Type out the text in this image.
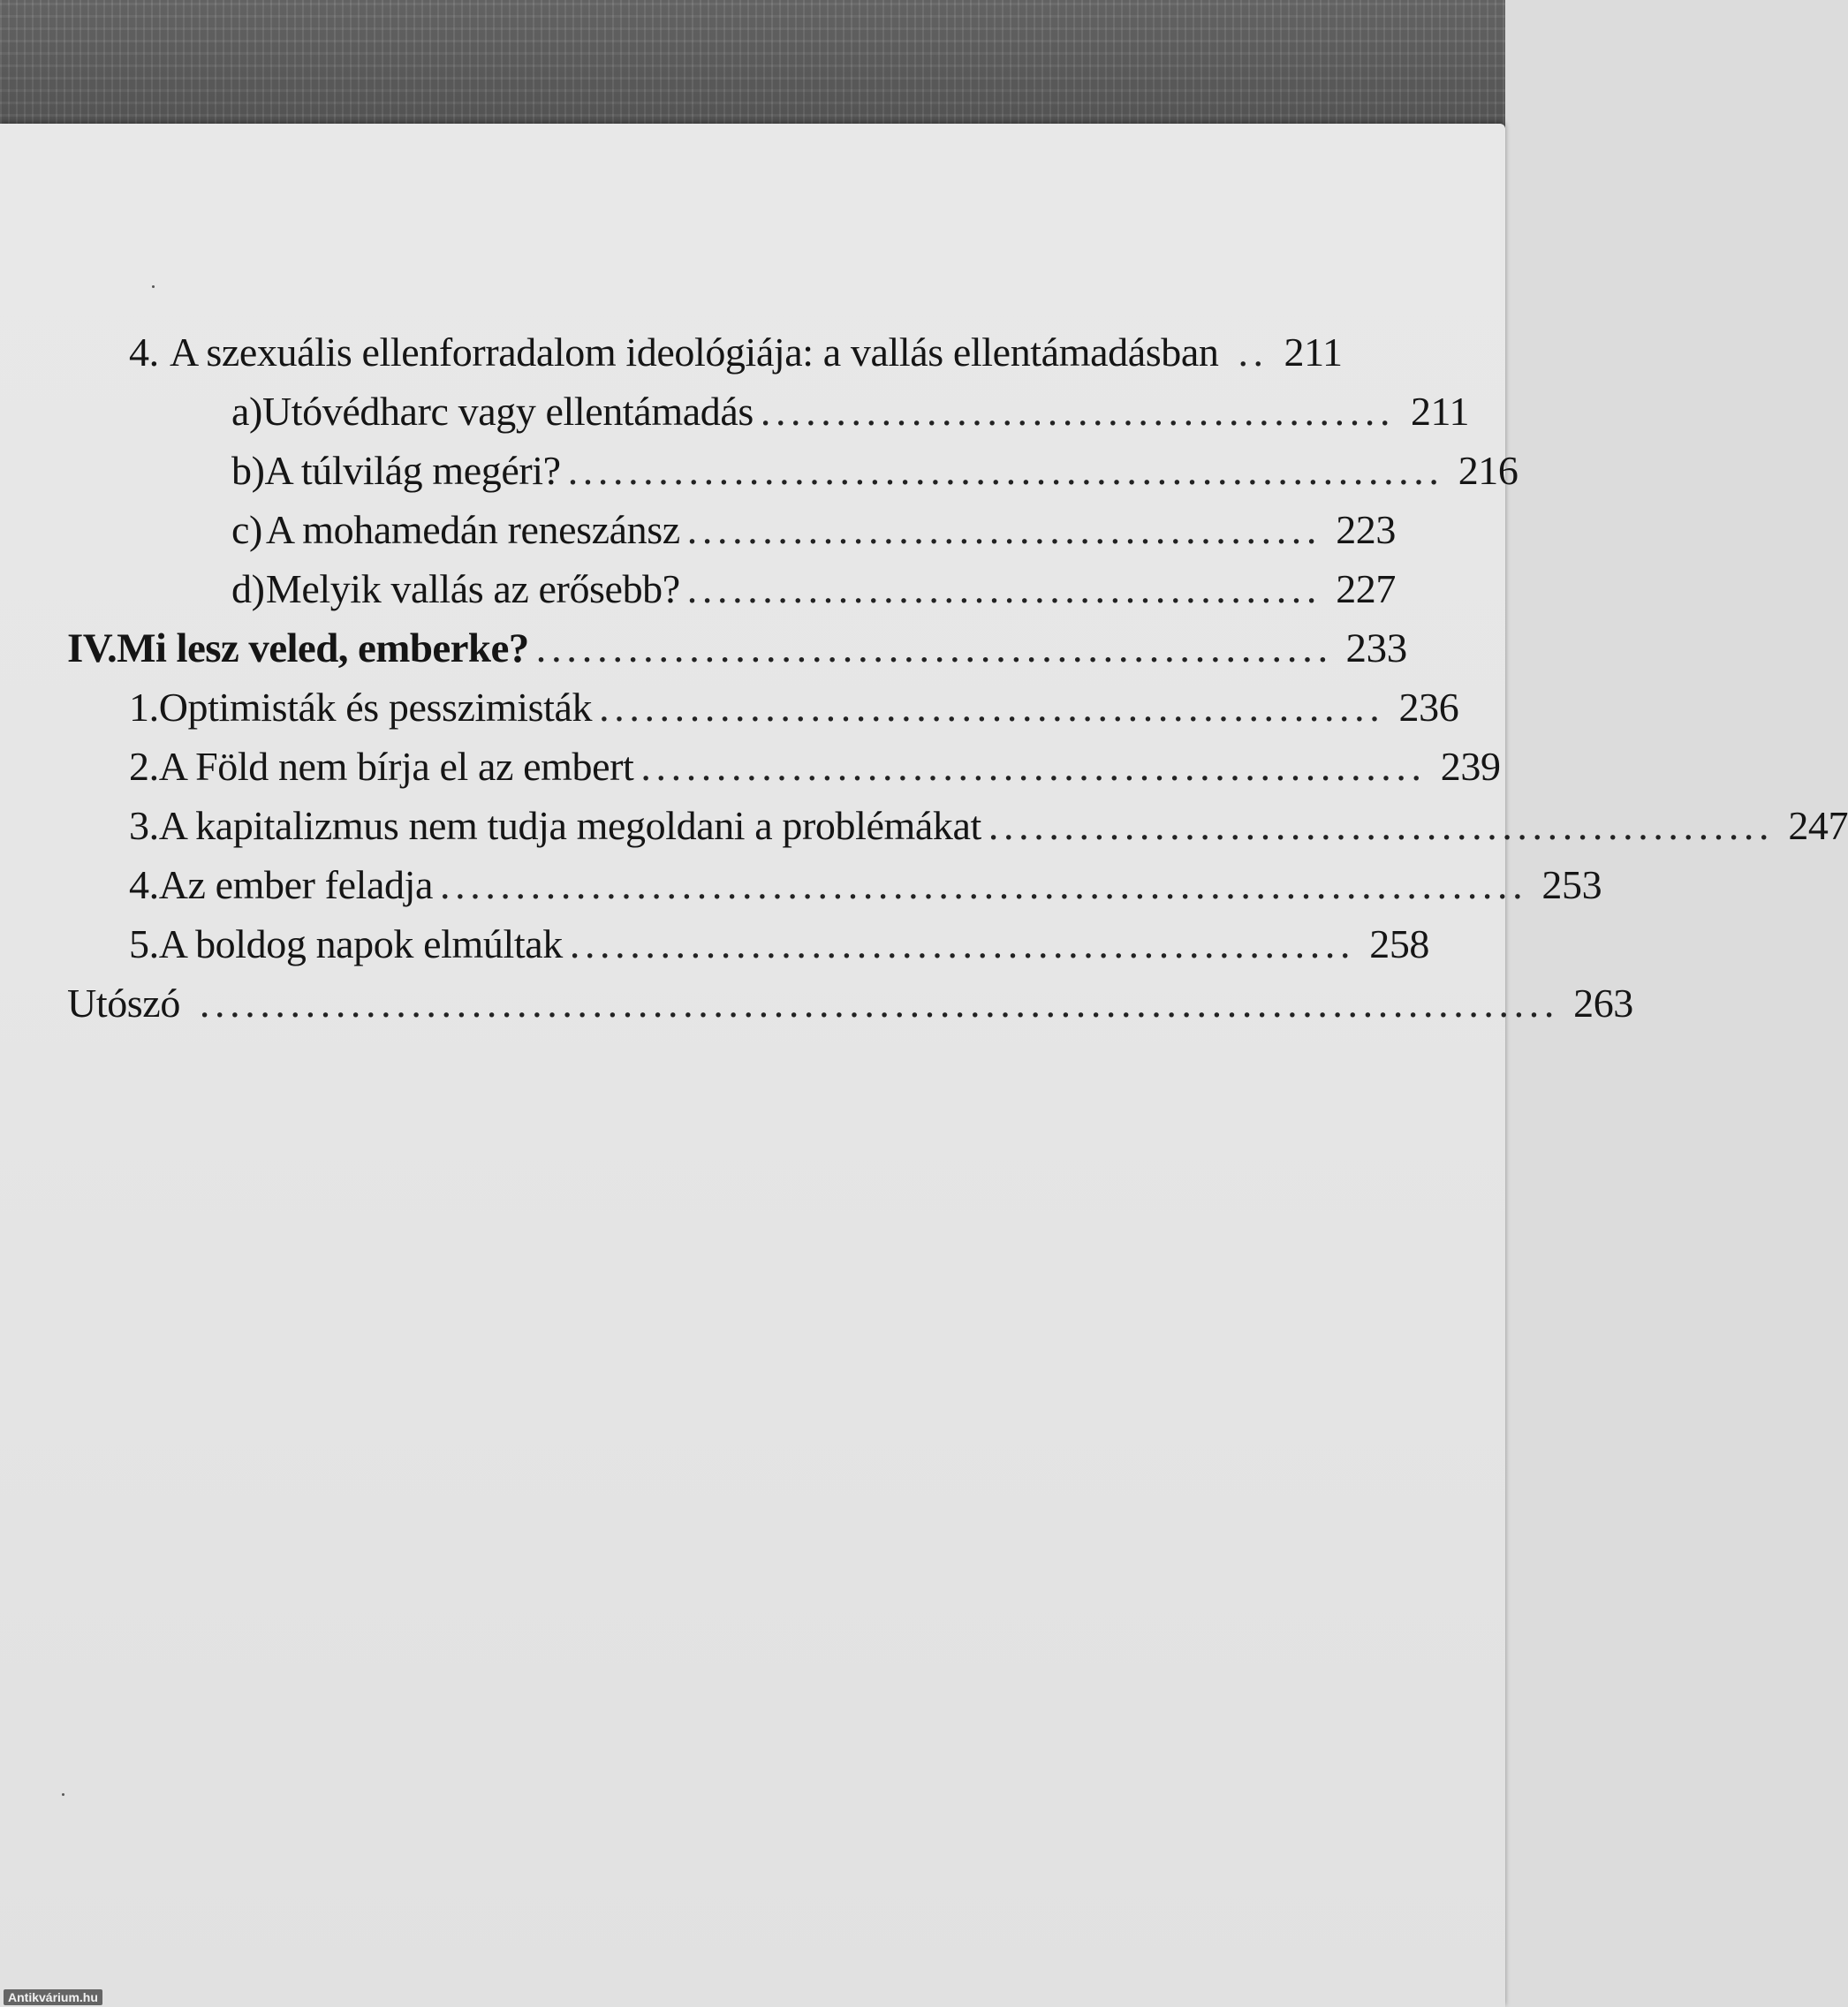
4. A szexuális ellenforradalom ideológiája: a vallás ellentámadásban .. 211
a) Utóvédharc vagy ellentámadás .......................................... 211
b) A túlvilág megéri? .......................................................... 216
c) A mohamedán reneszánsz .......................................... 223
d) Melyik vallás az erősebb? .......................................... 227
IV. Mi lesz veled, emberke? .................................................... 233
1. Optimisták és pesszimisták .................................................... 236
2. A Föld nem bírja el az embert .................................................... 239
3. A kapitalizmus nem tudja megoldani a problémákat .................................................... 247
4. Az ember feladja ........................................................................ 253
5. A boldog napok elmúltak .................................................... 258
Utószó .......................................................................................... 263
Antikvárium.hu
